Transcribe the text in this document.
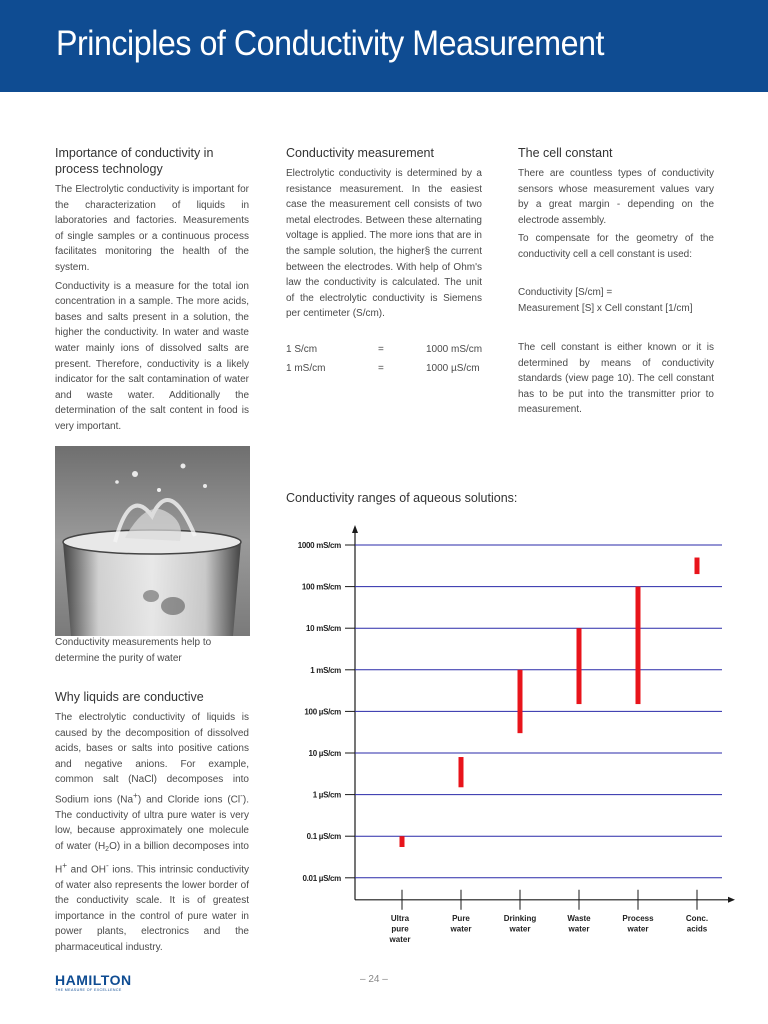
Principles of Conductivity Measurement
Importance of conductivity in process technology

The Electrolytic conductivity is important for the characterization of liquids in laboratories and factories. Measurements of single samples or a continuous process facilitates monitoring the health of the system.

Conductivity is a measure for the total ion concentration in a sample. The more acids, bases and salts present in a solution, the higher the conductivity. In water and waste water mainly ions of dissolved salts are present. Therefore, conductivity is a likely indicator for the salt contamination of water and waste water. Additionally the determination of the salt content in food is very important.

Conductivity measurement

Electrolytic conductivity is determined by a resistance measurement. In the easiest case the measurement cell consists of two metal electrodes. Between these alternating voltage is applied. The more ions that are in the sample solution, the higher§ the current between the electrodes. With help of Ohm's law the conductivity is calculated. The unit of the electrolytic conductivity is Siemens per centimeter (S/cm).

1 S/cm	=	1000 mS/cm
1 mS/cm	=	1000 µS/cm
The cell constant

There are countless types of conductivity sensors whose measurement values vary by a great margin - depending on the electrode assembly.

To compensate for the geometry of the conductivity cell a cell constant is used:

Conductivity [S/cm] =
Measurement [S] x Cell constant [1/cm]

The cell constant is either known or it is determined by means of conductivity standards (view page 10). The cell constant has to be put into the transmitter prior to measurement.

Conductivity measurements help to determine the purity of water
Why liquids are conductive

The electrolytic conductivity of liquids is caused by the decomposition of dissolved acids, bases or salts into positive cations and negative anions. For example, common salt (NaCl) decomposes into Sodium ions (Na+) and Cloride ions (Cl-). The conductivity of ultra pure water is very low, because approximately one molecule of water $(H_2O)$ in a billion decomposes into H+ and OH- ions. This intrinsic conductivity of water also represents the lower border of the conductivity scale. It is of greatest importance in the control of pure water in power plants, electronics and the pharmaceutical industry.

Conductivity ranges of aqueous solutions:
1000 mS/cm
100 mS/cm
10 mS/cm
1 mS/cm
100 µS/cm
10 µS/cm
1 µS/cm
0.1 µS/cm
0.01 µS/cm
Ultra
pure
water
Pure
water
Drinking
water
Waste
water
Process
water
Conc.
acids
HAMILTON
THE MEASURE OF EXCELLENCE
– 24 –
